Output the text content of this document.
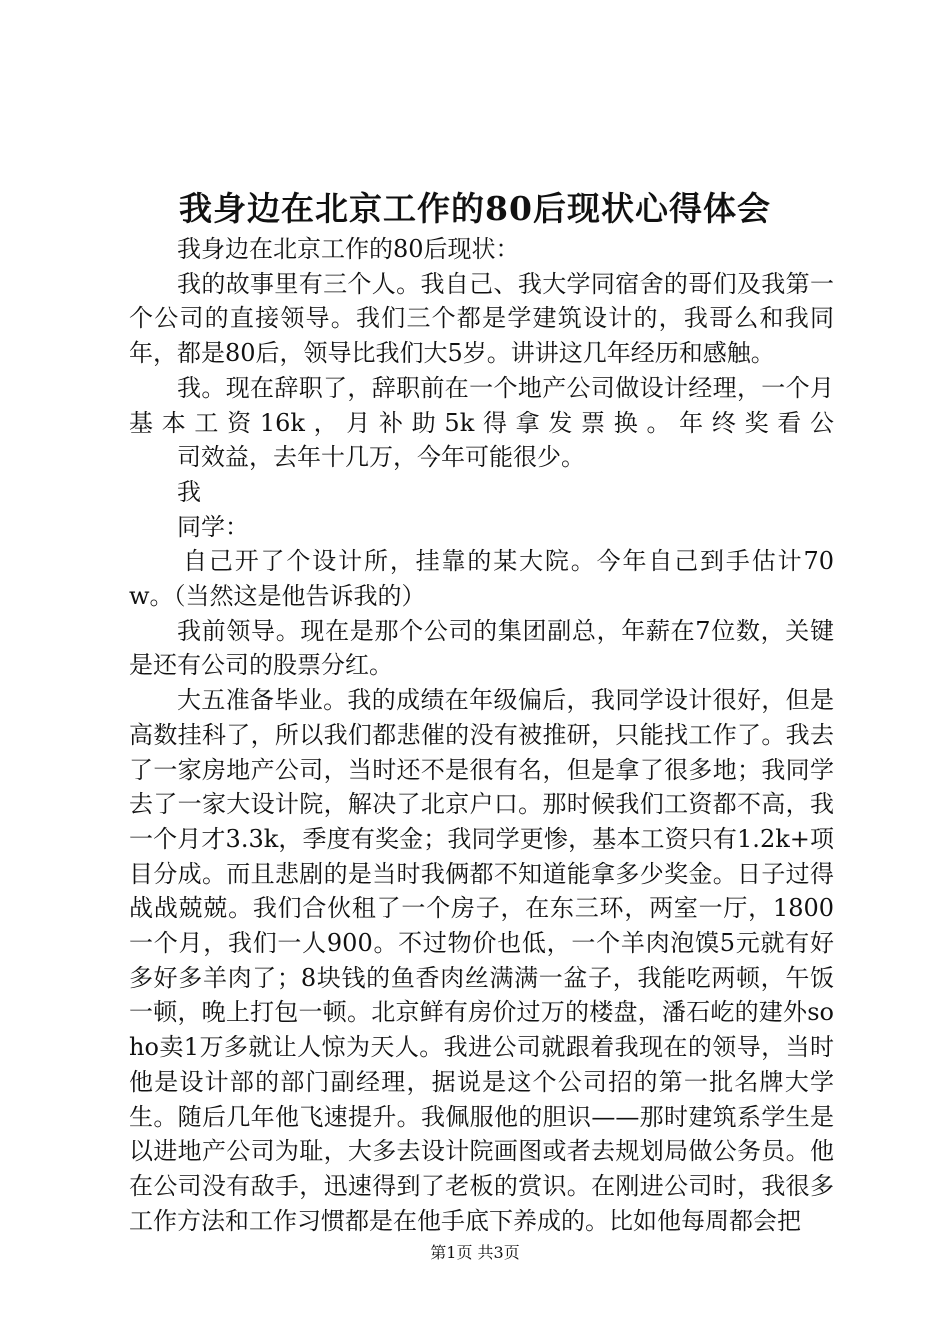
我身边在北京工作的80后现状心得体会

我身边在北京工作的80后现状：

我的故事里有三个人。我自己、我大学同宿舍的哥们及我第一个公司的直接领导。我们三个都是学建筑设计的，我哥么和我同年，都是80后，领导比我们大5岁。讲讲这几年经历和感触。

我。现在辞职了，辞职前在一个地产公司做设计经理，一个月基本工资16k，月补助5k得拿发票换。年终奖看公

司效益，去年十几万，今年可能很少。

我

同学：

自己开了个设计所，挂靠的某大院。今年自己到手估计70w。（当然这是他告诉我的）

我前领导。现在是那个公司的集团副总，年薪在7位数，关键是还有公司的股票分红。

大五准备毕业。我的成绩在年级偏后，我同学设计很好，但是高数挂科了，所以我们都悲催的没有被推研，只能找工作了。我去了一家房地产公司，当时还不是很有名，但是拿了很多地；我同学去了一家大设计院，解决了北京户口。那时候我们工资都不高，我一个月才3.3k，季度有奖金；我同学更惨，基本工资只有1.2k+项目分成。而且悲剧的是当时我俩都不知道能拿多少奖金。日子过得战战兢兢。我们合伙租了一个房子，在东三环，两室一厅，1800一个月，我们一人900。不过物价也低，一个羊肉泡馍5元就有好多好多羊肉了；8块钱的鱼香肉丝满满一盆子，我能吃两顿，午饭一顿，晚上打包一顿。北京鲜有房价过万的楼盘，潘石屹的建外soho卖1万多就让人惊为天人。我进公司就跟着我现在的领导，当时他是设计部的部门副经理，据说是这个公司招的第一批名牌大学生。随后几年他飞速提升。我佩服他的胆识——那时建筑系学生是以进地产公司为耻，大多去设计院画图或者去规划局做公务员。他在公司没有敌手，迅速得到了老板的赏识。在刚进公司时，我很多工作方法和工作习惯都是在他手底下养成的。比如他每周都会把

第1页 共3页
